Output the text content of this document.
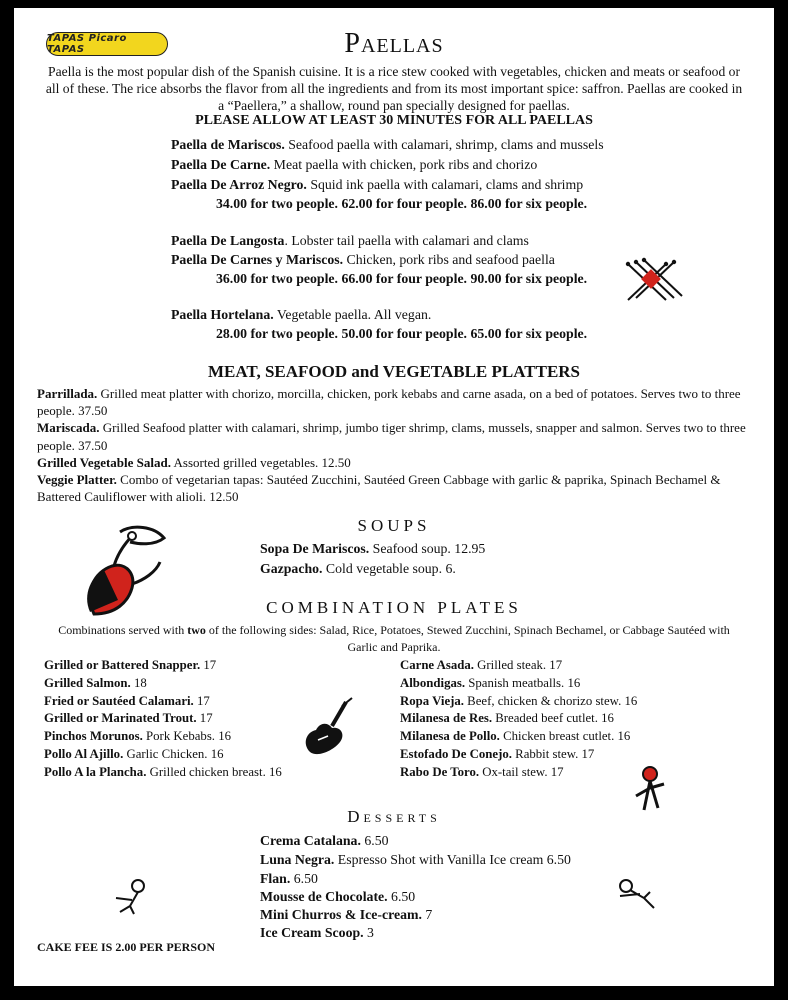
TAPAS Picaro TAPAS	Paellas
Paella is the most popular dish of the Spanish cuisine. It is a rice stew cooked with vegetables, chicken and meats or seafood or all of these. The rice absorbs the flavor from all the ingredients and from its most important spice: saffron. Paellas are cooked in a “Paellera,” a shallow, round pan specially designed for paellas.
PLEASE ALLOW AT LEAST 30 MINUTES FOR ALL PAELLAS
Paella de Mariscos. Seafood paella with calamari, shrimp, clams and mussels
Paella De Carne. Meat paella with chicken, pork ribs and chorizo
Paella De Arroz Negro. Squid ink paella with calamari, clams and shrimp
34.00 for two people. 62.00 for four people. 86.00 for six people.
Paella De Langosta. Lobster tail paella with calamari and clams
Paella De Carnes y Mariscos. Chicken, pork ribs and seafood paella
36.00 for two people. 66.00 for four people. 90.00 for six people.
Paella Hortelana. Vegetable paella. All vegan.
28.00 for two people. 50.00 for four people. 65.00 for six people.
MEAT, SEAFOOD and VEGETABLE PLATTERS
Parrillada. Grilled meat platter with chorizo, morcilla, chicken, pork kebabs and carne asada, on a bed of potatoes. Serves two to three people. 37.50
Mariscada. Grilled Seafood platter with calamari, shrimp, jumbo tiger shrimp, clams, mussels, snapper and salmon. Serves two to three people. 37.50
Grilled Vegetable Salad. Assorted grilled vegetables. 12.50
Veggie Platter. Combo of vegetarian tapas: Sautéed Zucchini, Sautéed Green Cabbage with garlic & paprika, Spinach Bechamel & Battered Cauliflower with alioli. 12.50
SOUPS
Sopa De Mariscos. Seafood soup. 12.95
Gazpacho. Cold vegetable soup. 6.
COMBINATION PLATES
Combinations served with two of the following sides: Salad, Rice, Potatoes, Stewed Zucchini, Spinach Bechamel, or Cabbage Sautéed with Garlic and Paprika.
Grilled or Battered Snapper. 17
Grilled Salmon. 18
Fried or Sautéed Calamari. 17
Grilled or Marinated Trout. 17
Pinchos Morunos. Pork Kebabs. 16
Pollo Al Ajillo. Garlic Chicken. 16
Pollo A la Plancha. Grilled chicken breast. 16
Carne Asada. Grilled steak. 17
Albondigas. Spanish meatballs. 16
Ropa Vieja. Beef, chicken & chorizo stew. 16
Milanesa de Res. Breaded beef cutlet. 16
Milanesa de Pollo. Chicken breast cutlet. 16
Estofado De Conejo. Rabbit stew. 17
Rabo De Toro. Ox-tail stew. 17
Desserts
Crema Catalana. 6.50
Luna Negra. Espresso Shot with Vanilla Ice cream 6.50
Flan. 6.50
Mousse de Chocolate. 6.50
Mini Churros & Ice-cream. 7
Ice Cream Scoop. 3
CAKE FEE IS 2.00 PER PERSON
